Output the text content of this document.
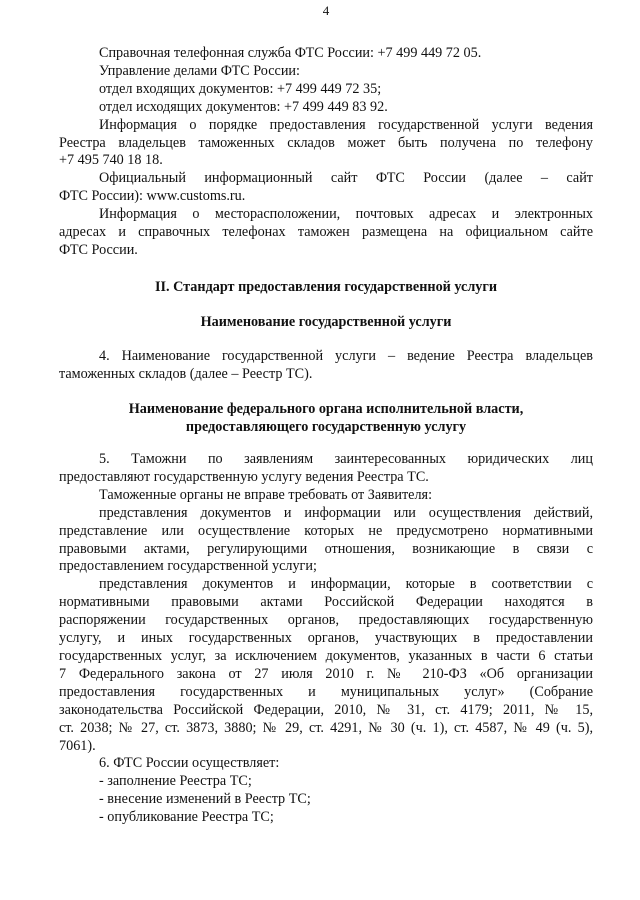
4

Справочная телефонная служба ФТС России: +7 499 449 72 05.

Управление делами ФТС России:

отдел входящих документов: +7 499 449 72 35;

отдел исходящих документов: +7 499 449 83 92.

Информация о порядке предоставления государственной услуги ведения

Реестра владельцев таможенных складов может быть получена по телефону

+7 495 740 18 18.

Официальный информационный сайт ФТС России (далее – сайт

ФТС России): www.customs.ru.

Информация о месторасположении, почтовых адресах и электронных

адресах и справочных телефонах таможен размещена на официальном сайте

ФТС России.

II. Стандарт предоставления государственной услуги
Наименование государственной услуги

4. Наименование государственной услуги – ведение Реестра владельцев

таможенных складов (далее – Реестр ТС).

Наименование федерального органа исполнительной власти,

предоставляющего государственную услугу

5. Таможни по заявлениям заинтересованных юридических лиц

предоставляют государственную услугу ведения Реестра ТС.

Таможенные органы не вправе требовать от Заявителя:

представления документов и информации или осуществления действий,

представление или осуществление которых не предусмотрено нормативными

правовыми актами, регулирующими отношения, возникающие в связи с

предоставлением государственной услуги;

представления документов и информации, которые в соответствии с

нормативными правовыми актами Российской Федерации находятся в

распоряжении государственных органов, предоставляющих государственную

услугу, и иных государственных органов, участвующих в предоставлении

государственных услуг, за исключением документов, указанных в части 6 статьи

7 Федерального закона от 27 июля 2010 г. № 210-ФЗ «Об организации

предоставления государственных и муниципальных услуг» (Собрание

законодательства Российской Федерации, 2010, № 31, ст. 4179; 2011, № 15,

ст. 2038; № 27, ст. 3873, 3880; № 29, ст. 4291, № 30 (ч. 1), ст. 4587, № 49 (ч. 5),

7061).

6. ФТС России осуществляет:

- заполнение Реестра ТС;

- внесение изменений в Реестр ТС;

- опубликование Реестра ТС;
